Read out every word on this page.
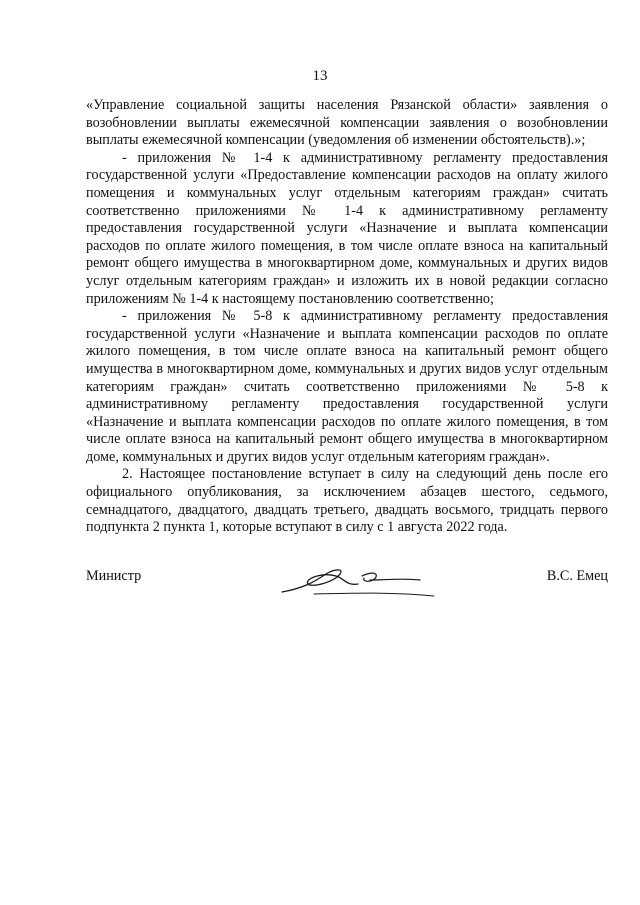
13

«Управление социальной защиты населения Рязанской области» заявления о возобновлении выплаты ежемесячной компенсации заявления о возобновлении выплаты ежемесячной компенсации (уведомления об изменении обстоятельств).»;

- приложения № 1-4 к административному регламенту предоставления государственной услуги «Предоставление компенсации расходов на оплату жилого помещения и коммунальных услуг отдельным категориям граждан» считать соответственно приложениями № 1-4 к административному регламенту предоставления государственной услуги «Назначение и выплата компенсации расходов по оплате жилого помещения, в том числе оплате взноса на капитальный ремонт общего имущества в многоквартирном доме, коммунальных и других видов услуг отдельным категориям граждан» и изложить их в новой редакции согласно приложениям № 1-4 к настоящему постановлению соответственно;

- приложения № 5-8 к административному регламенту предоставления государственной услуги «Назначение и выплата компенсации расходов по оплате жилого помещения, в том числе оплате взноса на капитальный ремонт общего имущества в многоквартирном доме, коммунальных и других видов услуг отдельным категориям граждан» считать соответственно приложениями № 5-8 к административному регламенту предоставления государственной услуги «Назначение и выплата компенсации расходов по оплате жилого помещения, в том числе оплате взноса на капитальный ремонт общего имущества в многоквартирном доме, коммунальных и других видов услуг отдельным категориям граждан».

2. Настоящее постановление вступает в силу на следующий день после его официального опубликования, за исключением абзацев шестого, седьмого, семнадцатого, двадцатого, двадцать третьего, двадцать восьмого, тридцать первого подпункта 2 пункта 1, которые вступают в силу с 1 августа 2022 года.

Министр	В.С. Емец
